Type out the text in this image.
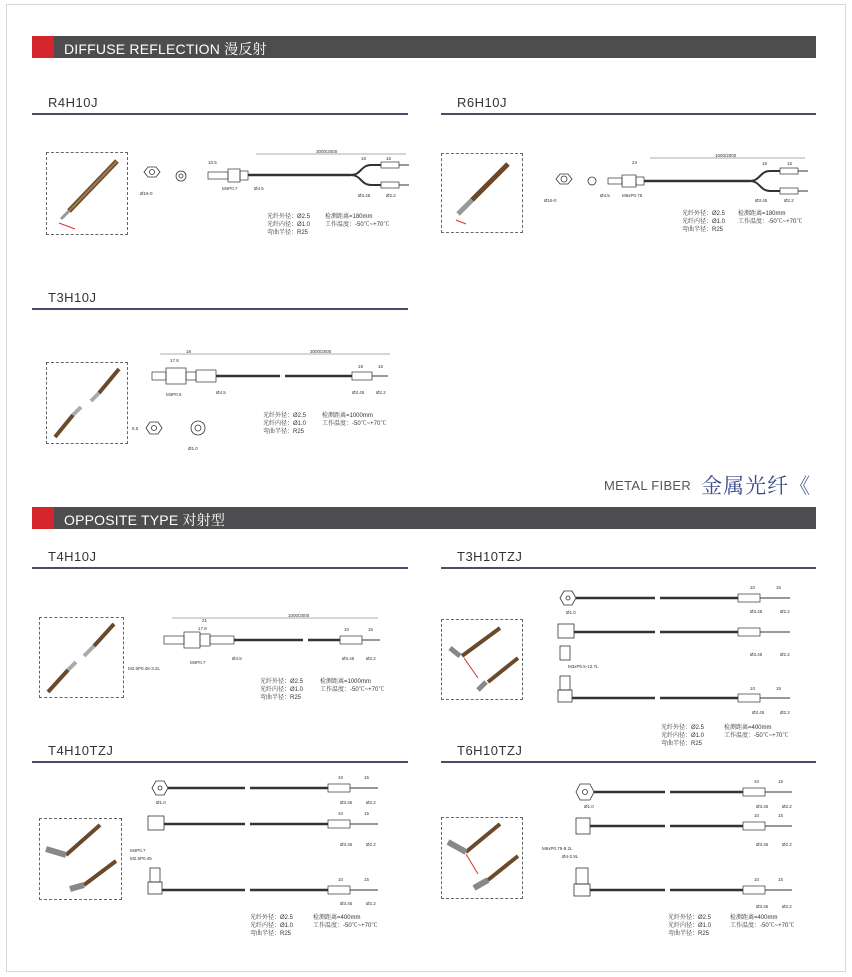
DIFFUSE REFLECTION 漫反射
R4H10J
Ø16-0
3000/2000
10.5
18	15
Ø3.45	Ø2.2
Ø4.5
M4P0.7
光纤外径：Ø2.5
光纤内径：Ø1.0
弯曲半径：R25
检测距离=180mm
工作温度：-50℃~+70℃
R6H10J
Ø16-0
1000/2000
24	18	15
Ø3.45	Ø2.2
M6xP0.75
Ø4.5
光纤外径：Ø2.5
光纤内径：Ø1.0
弯曲半径：R25
检测距离=180mm
工作温度：-50℃~+70℃
T3H10J
3000/2000
19
17.8
18	15
Ø3.45	Ø2.2
M3P0.5	Ø4.5
5.5
Ø1.0
光纤外径：Ø2.5
光纤内径：Ø1.0
弯曲半径：R25
检测距离=1000mm
工作温度：-50℃~+70℃
METAL FIBER 金属光纤《
OPPOSITE TYPE 对射型
T4H10J
1000/2000
21
17.8	10	15
Ø3.45	Ø2.2
M2.5P0.45-3.2L
M4P0.7
Ø4.5
光纤外径：Ø2.5
光纤内径：Ø1.0
弯曲半径：R25
检测距离=1000mm
工作温度：-50℃~+70℃
T3H10TZJ
Ø1.0
10	15
Ø3.45	Ø2.2
Ø3.45	Ø2.2
M3xP0.5-12.7L
10	15
Ø3.45	Ø2.2
光纤外径：Ø2.5
光纤内径：Ø1.0
弯曲半径：R25
检测距离=400mm
工作温度：-50℃~+70℃
T4H10TZJ
Ø1.0
10	15
Ø3.45	Ø2.2
10	15
Ø3.45	Ø2.2
M4P0.7
M2.5P0.45
10	15
Ø3.45	Ø2.2
光纤外径：Ø2.5
光纤内径：Ø1.0
弯曲半径：R25
检测距离=400mm
工作温度：-50℃~+70℃
T6H10TZJ
Ø1.0
10	15
Ø3.45	Ø2.2
10	15
Ø3.45	Ø2.2
M6xP0.75-9.2L
Ø4-2.8L
10	15
Ø3.45	Ø2.2
光纤外径：Ø2.5
光纤内径：Ø1.0
弯曲半径：R25
检测距离=400mm
工作温度：-50℃~+70℃
